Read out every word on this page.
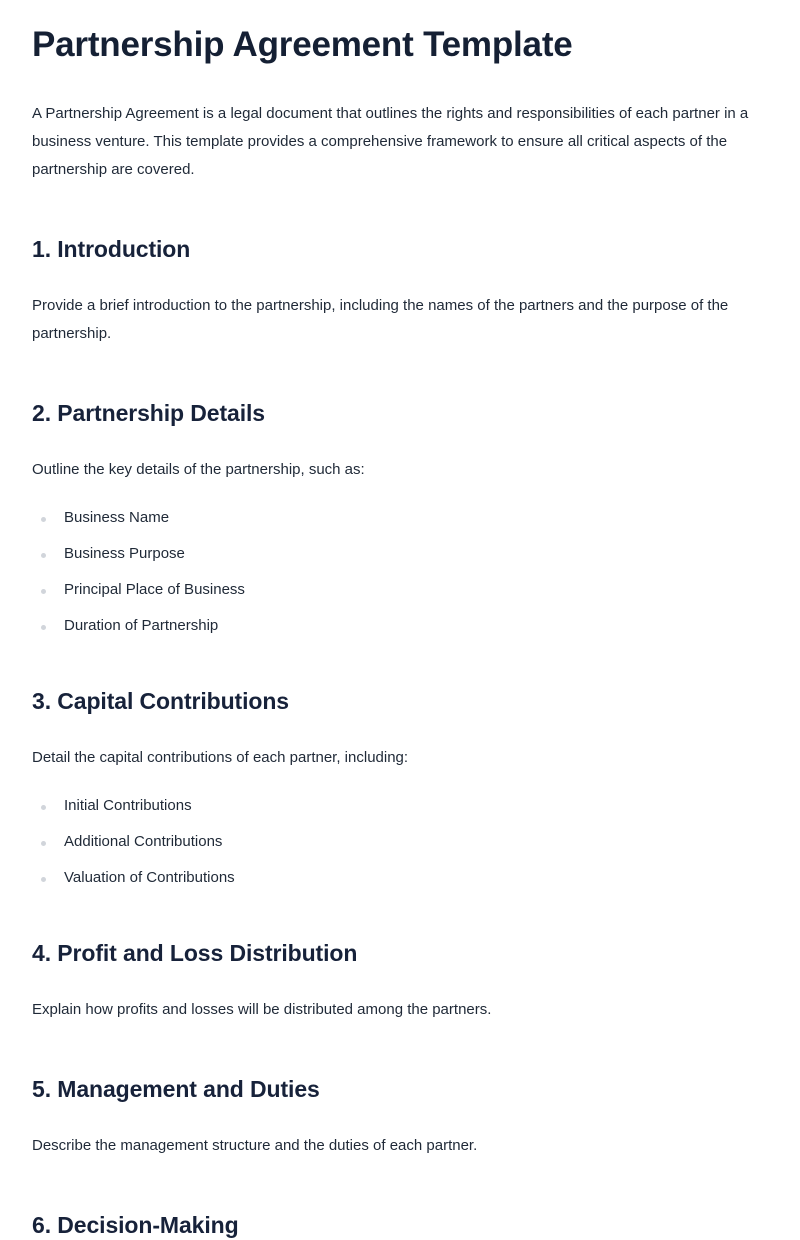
Partnership Agreement Template

A Partnership Agreement is a legal document that outlines the rights and responsibilities of each partner in a business venture. This template provides a comprehensive framework to ensure all critical aspects of the partnership are covered.

1. Introduction

Provide a brief introduction to the partnership, including the names of the partners and the purpose of the partnership.

2. Partnership Details

Outline the key details of the partnership, such as:

Business Name
Business Purpose
Principal Place of Business
Duration of Partnership
3. Capital Contributions

Detail the capital contributions of each partner, including:

Initial Contributions
Additional Contributions
Valuation of Contributions
4. Profit and Loss Distribution

Explain how profits and losses will be distributed among the partners.

5. Management and Duties

Describe the management structure and the duties of each partner.

6. Decision-Making
